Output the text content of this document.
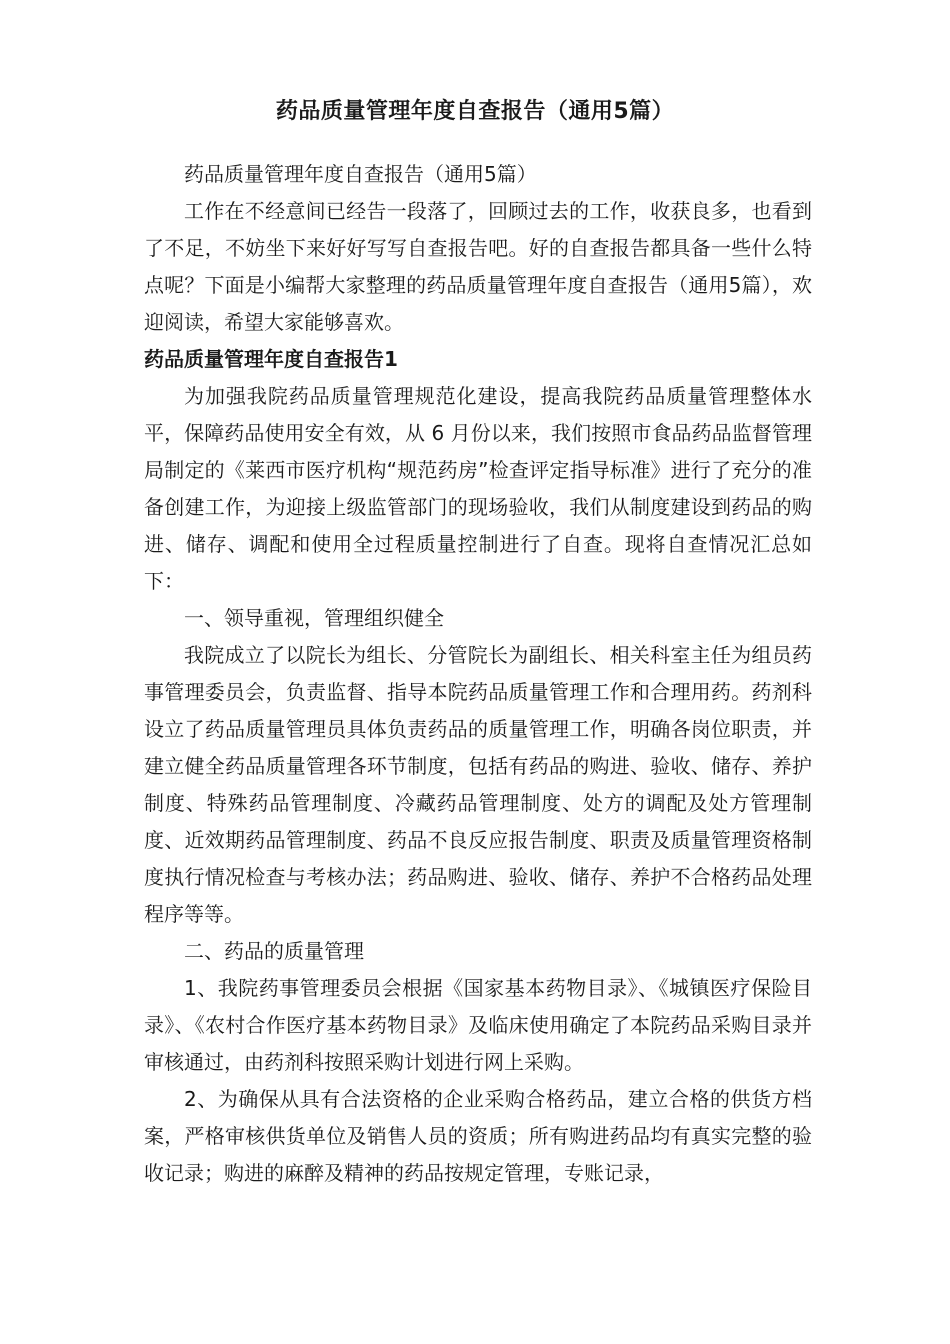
药品质量管理年度自查报告（通用5篇）

药品质量管理年度自查报告（通用5篇）

工作在不经意间已经告一段落了，回顾过去的工作，收获良多，也看到了不足，不妨坐下来好好写写自查报告吧。好的自查报告都具备一些什么特点呢？下面是小编帮大家整理的药品质量管理年度自查报告（通用5篇），欢迎阅读，希望大家能够喜欢。

药品质量管理年度自查报告1

为加强我院药品质量管理规范化建设，提高我院药品质量管理整体水平，保障药品使用安全有效，从 6 月份以来，我们按照市食品药品监督管理局制定的《莱西市医疗机构“规范药房”检查评定指导标准》进行了充分的准备创建工作，为迎接上级监管部门的现场验收，我们从制度建设到药品的购进、储存、调配和使用全过程质量控制进行了自查。现将自查情况汇总如下：

一、领导重视，管理组织健全

我院成立了以院长为组长、分管院长为副组长、相关科室主任为组员药事管理委员会，负责监督、指导本院药品质量管理工作和合理用药。药剂科设立了药品质量管理员具体负责药品的质量管理工作，明确各岗位职责，并建立健全药品质量管理各环节制度，包括有药品的购进、验收、储存、养护制度、特殊药品管理制度、冷藏药品管理制度、处方的调配及处方管理制度、近效期药品管理制度、药品不良反应报告制度、职责及质量管理资格制度执行情况检查与考核办法；药品购进、验收、储存、养护不合格药品处理程序等等。

二、药品的质量管理

1、我院药事管理委员会根据《国家基本药物目录》、《城镇医疗保险目录》、《农村合作医疗基本药物目录》及临床使用确定了本院药品采购目录并审核通过，由药剂科按照采购计划进行网上采购。

2、为确保从具有合法资格的企业采购合格药品，建立合格的供货方档案，严格审核供货单位及销售人员的资质；所有购进药品均有真实完整的验收记录；购进的麻醉及精神的药品按规定管理，专账记录，
